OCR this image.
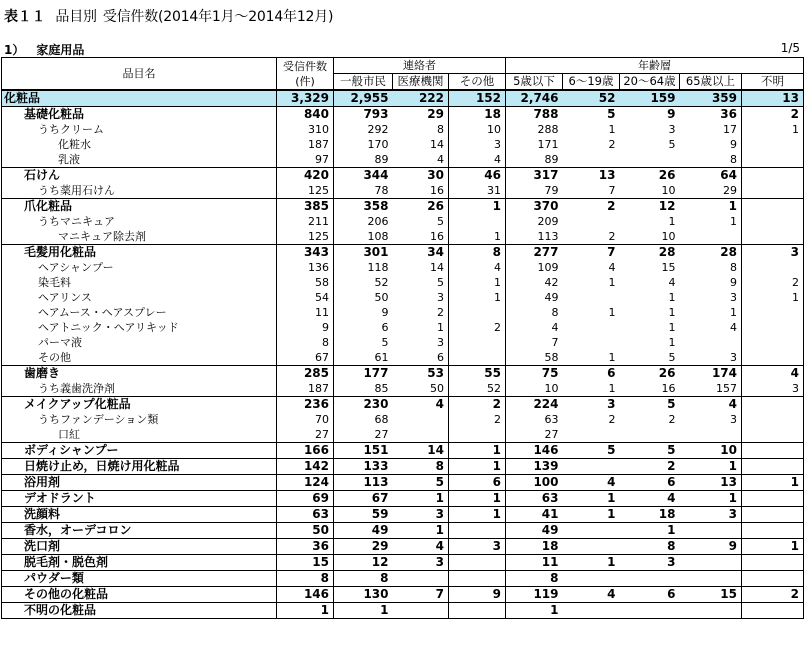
表１１ 品目別 受信件数(2014年1月～2014年12月)
1） 家庭用品	1/5
品目名	受信件数
(件)	連絡者			年齢層				
		一般市民	医療機関	その他	5歳以下	6～19歳	20～64歳	65歳以上	不明
化粧品	3,329	2,955	222	152	2,746	52	159	359	13
基礎化粧品	840	793	29	18	788	5	9	36	2
うちクリーム	310	292	8	10	288	1	3	17	1
化粧水	187	170	14	3	171	2	5	9	
乳液	97	89	4	4	89			8	
石けん	420	344	30	46	317	13	26	64	
うち薬用石けん	125	78	16	31	79	7	10	29	
爪化粧品	385	358	26	1	370	2	12	1	
うちマニキュア	211	206	5		209		1	1	
マニキュア除去剤	125	108	16	1	113	2	10		
毛髪用化粧品	343	301	34	8	277	7	28	28	3
ヘアシャンプー	136	118	14	4	109	4	15	8	
染毛料	58	52	5	1	42	1	4	9	2
ヘアリンス	54	50	3	1	49		1	3	1
ヘアムース・ヘアスプレー	11	9	2		8	1	1	1	
ヘアトニック・ヘアリキッド	9	6	1	2	4		1	4	
パーマ液	8	5	3		7		1		
その他	67	61	6		58	1	5	3	
歯磨き	285	177	53	55	75	6	26	174	4
うち義歯洗浄剤	187	85	50	52	10	1	16	157	3
メイクアップ化粧品	236	230	4	2	224	3	5	4	
うちファンデーション類	70	68		2	63	2	2	3	
口紅	27	27			27				
ボディシャンプー	166	151	14	1	146	5	5	10	
日焼け止め，日焼け用化粧品	142	133	8	1	139		2	1	
浴用剤	124	113	5	6	100	4	6	13	1
デオドラント	69	67	1	1	63	1	4	1	
洗顔料	63	59	3	1	41	1	18	3	
香水，オーデコロン	50	49	1		49		1		
洗口剤	36	29	4	3	18		8	9	1
脱毛剤・脱色剤	15	12	3		11	1	3		
パウダー類	8	8			8				
その他の化粧品	146	130	7	9	119	4	6	15	2
不明の化粧品	1	1			1				
